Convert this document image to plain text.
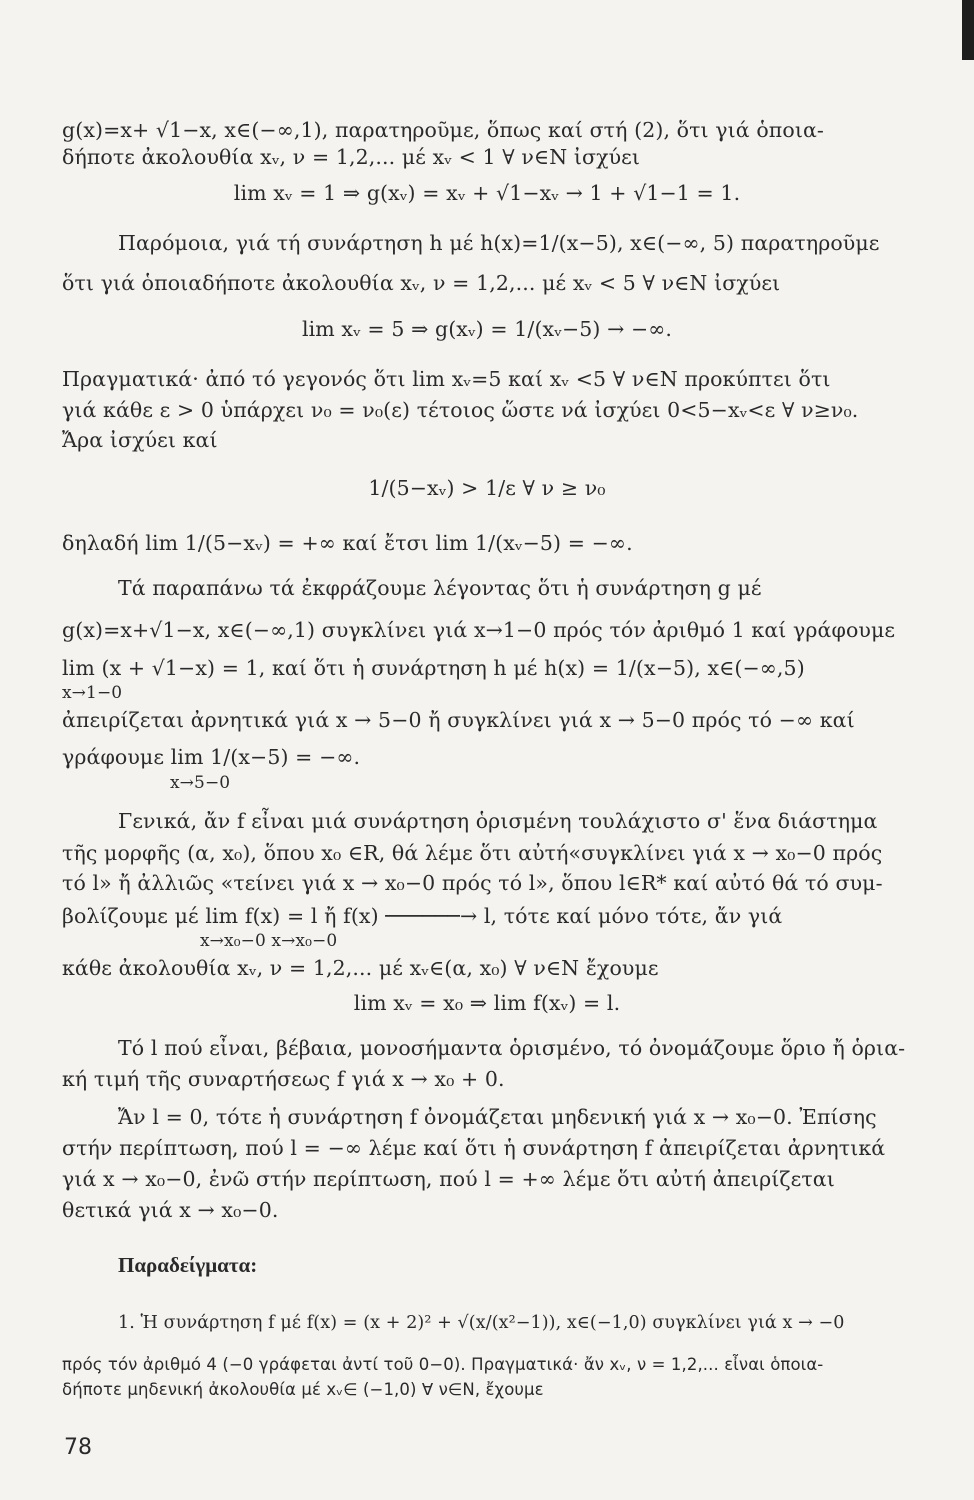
g(x)=x+ √1−x, x∈(−∞,1), παρατηροῦμε, ὅπως καί στή (2), ὅτι γιά ὁποια-
δήποτε ἀκολουθία xᵥ, ν = 1,2,... μέ xᵥ < 1 ∀ ν∈N ἰσχύει
lim xᵥ = 1 ⇒ g(xᵥ) = xᵥ + √1−xᵥ → 1 + √1−1 = 1.
Παρόμοια, γιά τή συνάρτηση h μέ h(x)=1/(x−5), x∈(−∞, 5) παρατηροῦμε
ὅτι γιά ὁποιαδήποτε ἀκολουθία xᵥ, ν = 1,2,... μέ xᵥ < 5 ∀ ν∈N ἰσχύει
lim xᵥ = 5 ⇒ g(xᵥ) = 1/(xᵥ−5) → −∞.
Πραγματικά· ἀπό τό γεγονός ὅτι lim xᵥ=5 καί xᵥ <5 ∀ ν∈N προκύπτει ὅτι
γιά κάθε ε > 0 ὑπάρχει ν₀ = ν₀(ε) τέτοιος ὥστε νά ἰσχύει 0<5−xᵥ<ε ∀ ν≥ν₀.
Ἄρα ἰσχύει καί
1/(5−xᵥ) > 1/ε ∀ ν ≥ ν₀
δηλαδή lim 1/(5−xᵥ) = +∞ καί ἔτσι lim 1/(xᵥ−5) = −∞.
Τά παραπάνω τά ἐκφράζουμε λέγοντας ὅτι ἡ συνάρτηση g μέ
g(x)=x+√1−x, x∈(−∞,1) συγκλίνει γιά x→1−0 πρός τόν ἀριθμό 1 καί γράφουμε
lim (x + √1−x) = 1, καί ὅτι ἡ συνάρτηση h μέ h(x) = 1/(x−5), x∈(−∞,5)
x→1−0
ἀπειρίζεται ἀρνητικά γιά x → 5−0 ἤ συγκλίνει γιά x → 5−0 πρός τό −∞ καί
γράφουμε lim 1/(x−5) = −∞.
x→5−0
Γενικά, ἄν f εἶναι μιά συνάρτηση ὁρισμένη τουλάχιστο σ' ἕνα διάστημα
τῆς μορφῆς (α, x₀), ὅπου x₀ ∈R, θά λέμε ὅτι αὐτή«συγκλίνει γιά x → x₀−0 πρός
τό l» ἤ ἀλλιῶς «τείνει γιά x → x₀−0 πρός τό l», ὅπου l∈R* καί αὐτό θά τό συμ-
βολίζουμε μέ lim f(x) = l ἤ f(x) ──────→ l, τότε καί μόνο τότε, ἄν γιά
x→x₀−0 x→x₀−0
κάθε ἀκολουθία xᵥ, ν = 1,2,... μέ xᵥ∈(α, x₀) ∀ ν∈N ἔχουμε
lim xᵥ = x₀ ⇒ lim f(xᵥ) = l.
Τό l πού εἶναι, βέβαια, μονοσήμαντα ὁρισμένο, τό ὀνομάζουμε ὅριο ἤ ὁρια-
κή τιμή τῆς συναρτήσεως f γιά x → x₀ + 0.
Ἄν l = 0, τότε ἡ συνάρτηση f ὀνομάζεται μηδενική γιά x → x₀−0. Ἐπίσης
στήν περίπτωση, πού l = −∞ λέμε καί ὅτι ἡ συνάρτηση f ἀπειρίζεται ἀρνητικά
γιά x → x₀−0, ἐνῶ στήν περίπτωση, πού l = +∞ λέμε ὅτι αὐτή ἀπειρίζεται
θετικά γιά x → x₀−0.
Παραδείγματα:
1. Ἡ συνάρτηση f μέ f(x) = (x + 2)² + √(x/(x²−1)), x∈(−1,0) συγκλίνει γιά x → −0
πρός τόν ἀριθμό 4 (−0 γράφεται ἀντί τοῦ 0−0). Πραγματικά· ἄν xᵥ, ν = 1,2,... εἶναι ὁποια-
δήποτε μηδενική ἀκολουθία μέ xᵥ∈ (−1,0) ∀ ν∈N, ἔχουμε
78
